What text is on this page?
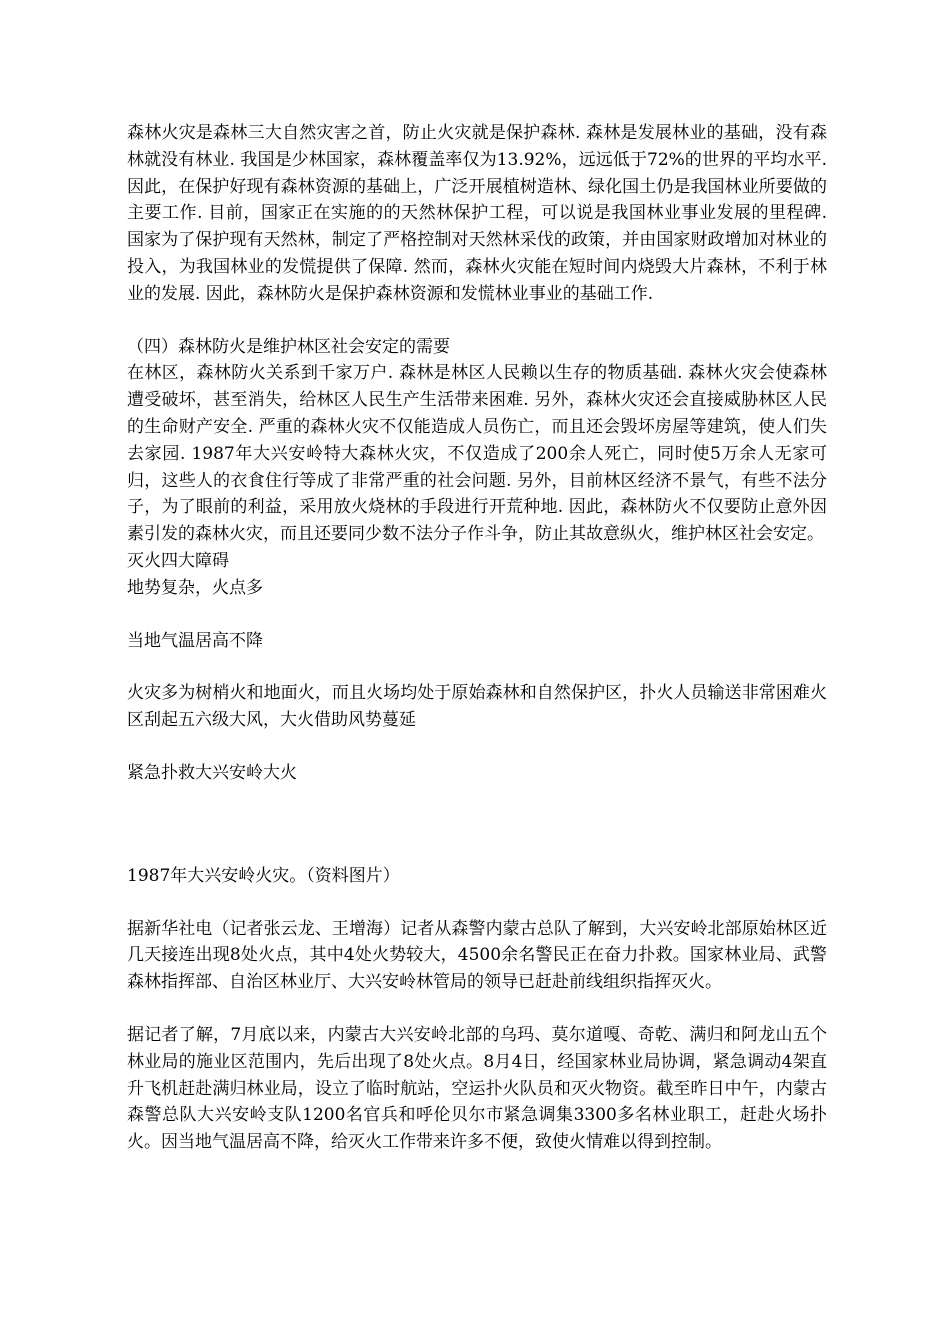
森林火灾是森林三大自然灾害之首，防止火灾就是保护森林. 森林是发展林业的基础，没有森林就没有林业. 我国是少林国家，森林覆盖率仅为13.92%，远远低于72%的世界的平均水平. 因此，在保护好现有森林资源的基础上，广泛开展植树造林、绿化国土仍是我国林业所要做的主要工作. 目前，国家正在实施的的天然林保护工程，可以说是我国林业事业发展的里程碑. 国家为了保护现有天然林，制定了严格控制对天然林采伐的政策，并由国家财政增加对林业的投入，为我国林业的发慌提供了保障. 然而，森林火灾能在短时间内烧毁大片森林，不利于林业的发展. 因此，森林防火是保护森林资源和发慌林业事业的基础工作.

（四）森林防火是维护林区社会安定的需要

在林区，森林防火关系到千家万户. 森林是林区人民赖以生存的物质基础. 森林火灾会使森林遭受破坏，甚至消失，给林区人民生产生活带来困难. 另外，森林火灾还会直接威胁林区人民的生命财产安全. 严重的森林火灾不仅能造成人员伤亡，而且还会毁坏房屋等建筑，使人们失去家园. 1987年大兴安岭特大森林火灾，不仅造成了200余人死亡，同时使5万余人无家可归，这些人的衣食住行等成了非常严重的社会问题. 另外，目前林区经济不景气，有些不法分子，为了眼前的利益，采用放火烧林的手段进行开荒种地. 因此，森林防火不仅要防止意外因素引发的森林火灾，而且还要同少数不法分子作斗争，防止其故意纵火，维护林区社会安定。

灭火四大障碍

地势复杂，火点多

当地气温居高不降

火灾多为树梢火和地面火，而且火场均处于原始森林和自然保护区，扑火人员输送非常困难火区刮起五六级大风，大火借助风势蔓延

紧急扑救大兴安岭大火

1987年大兴安岭火灾。（资料图片）

据新华社电（记者张云龙、王增海）记者从森警内蒙古总队了解到，大兴安岭北部原始林区近几天接连出现8处火点，其中4处火势较大，4500余名警民正在奋力扑救。国家林业局、武警森林指挥部、自治区林业厅、大兴安岭林管局的领导已赶赴前线组织指挥灭火。

据记者了解，7月底以来，内蒙古大兴安岭北部的乌玛、莫尔道嘎、奇乾、满归和阿龙山五个林业局的施业区范围内，先后出现了8处火点。8月4日，经国家林业局协调，紧急调动4架直升飞机赶赴满归林业局，设立了临时航站，空运扑火队员和灭火物资。截至昨日中午，内蒙古森警总队大兴安岭支队1200名官兵和呼伦贝尔市紧急调集3300多名林业职工，赶赴火场扑火。因当地气温居高不降，给灭火工作带来许多不便，致使火情难以得到控制。
